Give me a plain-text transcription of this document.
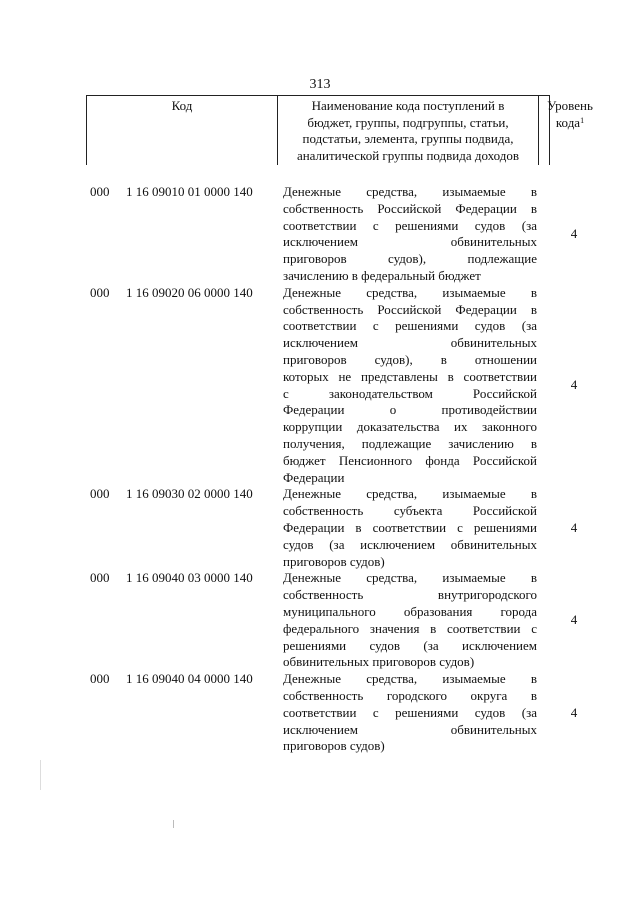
313
Код	Наименование кода поступлений в
бюджет, группы, подгруппы, статьи,
подстатьи, элемента, группы подвида,
аналитической группы подвида доходов
Уровень
кода$^1$
000	1 16 09010 01 0000 140	Денежные средства, изымаемые в
собственность Российской Федерации в
соответствии с решениями судов (за
исключением обвинительных
приговоров судов), подлежащие
зачислению в федеральный бюджет
4
000	1 16 09020 06 0000 140	Денежные средства, изымаемые в
собственность Российской Федерации в
соответствии с решениями судов (за
исключением обвинительных
приговоров судов), в отношении
которых не представлены в соответствии
с законодательством Российской
Федерации о противодействии
коррупции доказательства их законного
получения, подлежащие зачислению в
бюджет Пенсионного фонда Российской
Федерации
4
000	1 16 09030 02 0000 140	Денежные средства, изымаемые в
собственность субъекта Российской
Федерации в соответствии с решениями
судов (за исключением обвинительных
приговоров судов)
4
000	1 16 09040 03 0000 140	Денежные средства, изымаемые в
собственность внутригородского
муниципального образования города
федерального значения в соответствии с
решениями судов (за исключением
обвинительных приговоров судов)
4
000	1 16 09040 04 0000 140	Денежные средства, изымаемые в
собственность городского округа в
соответствии с решениями судов (за
исключением обвинительных
приговоров судов)
4
